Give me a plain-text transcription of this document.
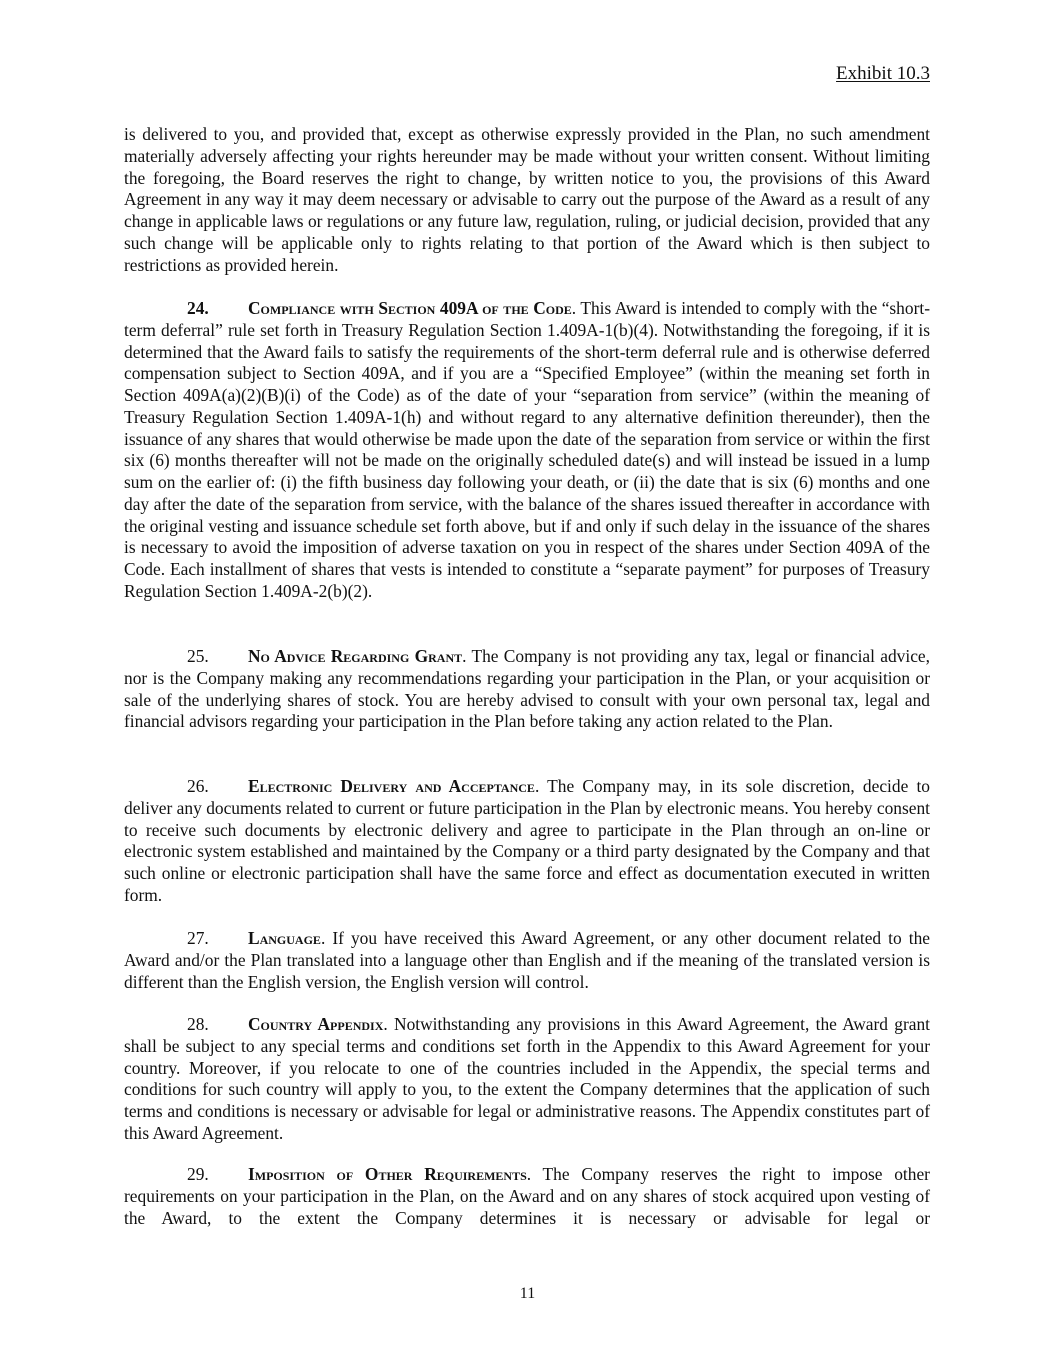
Exhibit 10.3

is delivered to you, and provided that, except as otherwise expressly provided in the Plan, no such amendment materially adversely affecting your rights hereunder may be made without your written consent. Without limiting the foregoing, the Board reserves the right to change, by written notice to you, the provisions of this Award Agreement in any way it may deem necessary or advisable to carry out the purpose of the Award as a result of any change in applicable laws or regulations or any future law, regulation, ruling, or judicial decision, provided that any such change will be applicable only to rights relating to that portion of the Award which is then subject to restrictions as provided herein.

24. Compliance with Section 409A of the Code. This Award is intended to comply with the “short-term deferral” rule set forth in Treasury Regulation Section 1.409A-1(b)(4). Notwithstanding the foregoing, if it is determined that the Award fails to satisfy the requirements of the short-term deferral rule and is otherwise deferred compensation subject to Section 409A, and if you are a “Specified Employee” (within the meaning set forth in Section 409A(a)(2)(B)(i) of the Code) as of the date of your “separation from service” (within the meaning of Treasury Regulation Section 1.409A-1(h) and without regard to any alternative definition thereunder), then the issuance of any shares that would otherwise be made upon the date of the separation from service or within the first six (6) months thereafter will not be made on the originally scheduled date(s) and will instead be issued in a lump sum on the earlier of: (i) the fifth business day following your death, or (ii) the date that is six (6) months and one day after the date of the separation from service, with the balance of the shares issued thereafter in accordance with the original vesting and issuance schedule set forth above, but if and only if such delay in the issuance of the shares is necessary to avoid the imposition of adverse taxation on you in respect of the shares under Section 409A of the Code. Each installment of shares that vests is intended to constitute a “separate payment” for purposes of Treasury Regulation Section 1.409A-2(b)(2).

25. No Advice Regarding Grant. The Company is not providing any tax, legal or financial advice, nor is the Company making any recommendations regarding your participation in the Plan, or your acquisition or sale of the underlying shares of stock. You are hereby advised to consult with your own personal tax, legal and financial advisors regarding your participation in the Plan before taking any action related to the Plan.

26. Electronic Delivery and Acceptance. The Company may, in its sole discretion, decide to deliver any documents related to current or future participation in the Plan by electronic means. You hereby consent to receive such documents by electronic delivery and agree to participate in the Plan through an on-line or electronic system established and maintained by the Company or a third party designated by the Company and that such online or electronic participation shall have the same force and effect as documentation executed in written form.

27. Language. If you have received this Award Agreement, or any other document related to the Award and/or the Plan translated into a language other than English and if the meaning of the translated version is different than the English version, the English version will control.

28. Country Appendix. Notwithstanding any provisions in this Award Agreement, the Award grant shall be subject to any special terms and conditions set forth in the Appendix to this Award Agreement for your country. Moreover, if you relocate to one of the countries included in the Appendix, the special terms and conditions for such country will apply to you, to the extent the Company determines that the application of such terms and conditions is necessary or advisable for legal or administrative reasons. The Appendix constitutes part of this Award Agreement.

29. Imposition of Other Requirements. The Company reserves the right to impose other requirements on your participation in the Plan, on the Award and on any shares of stock acquired upon vesting of the Award, to the extent the Company determines it is necessary or advisable for legal or

11
